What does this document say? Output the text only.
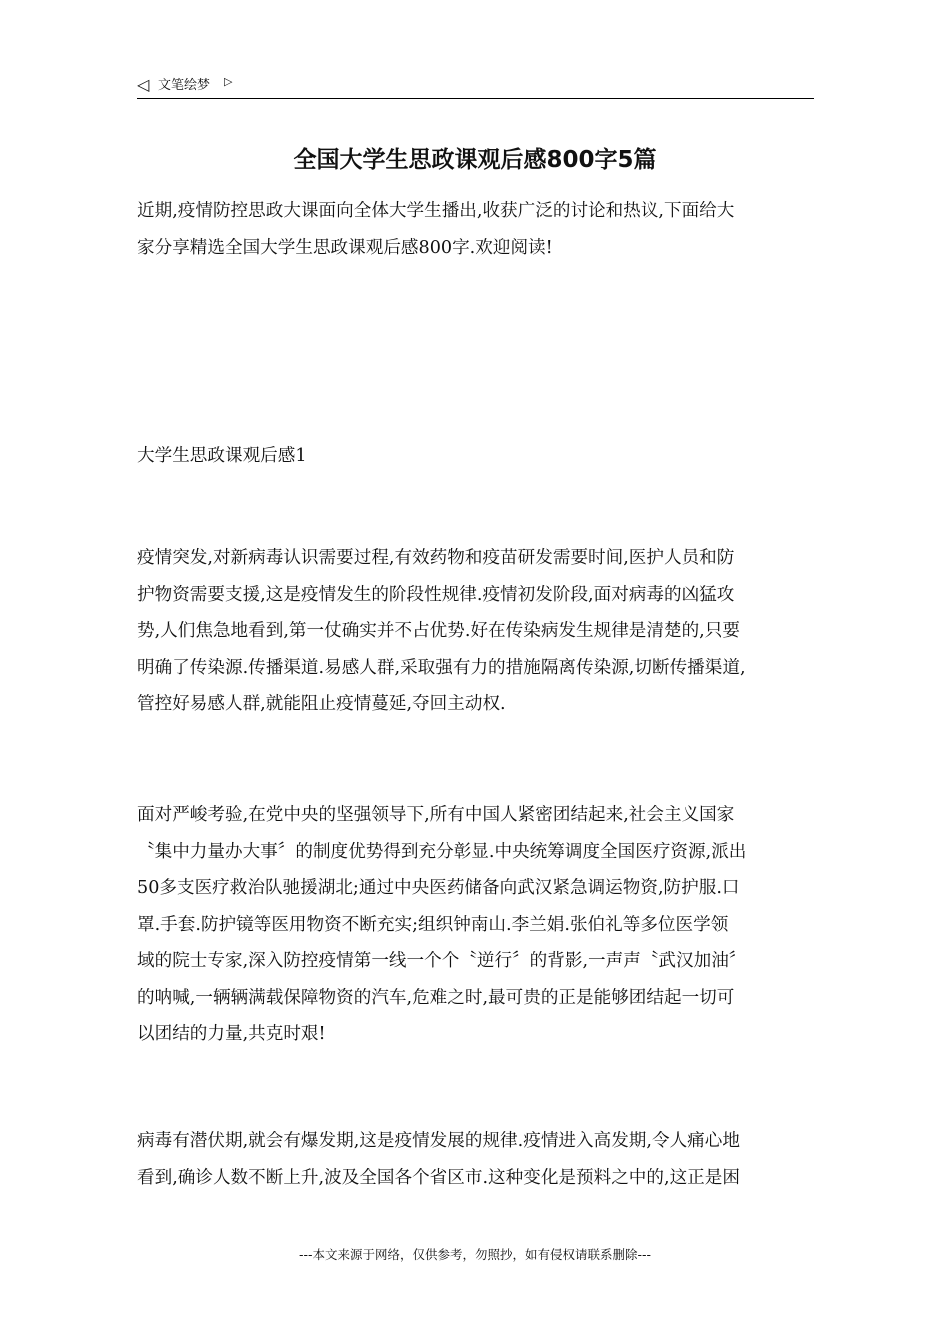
◁ 文笔绘梦 ▷
全国大学生思政课观后感800字5篇
近期,疫情防控思政大课面向全体大学生播出,收获广泛的讨论和热议,下面给大
家分享精选全国大学生思政课观后感800字.欢迎阅读!
大学生思政课观后感1
疫情突发,对新病毒认识需要过程,有效药物和疫苗研发需要时间,医护人员和防
护物资需要支援,这是疫情发生的阶段性规律.疫情初发阶段,面对病毒的凶猛攻
势,人们焦急地看到,第一仗确实并不占优势.好在传染病发生规律是清楚的,只要
明确了传染源.传播渠道.易感人群,采取强有力的措施隔离传染源,切断传播渠道,
管控好易感人群,就能阻止疫情蔓延,夺回主动权.
面对严峻考验,在党中央的坚强领导下,所有中国人紧密团结起来,社会主义国家
〝集中力量办大事〞的制度优势得到充分彰显.中央统筹调度全国医疗资源,派出
50多支医疗救治队驰援湖北;通过中央医药储备向武汉紧急调运物资,防护服.口
罩.手套.防护镜等医用物资不断充实;组织钟南山.李兰娟.张伯礼等多位医学领
域的院士专家,深入防控疫情第一线一个个〝逆行〞的背影,一声声〝武汉加油〞
的呐喊,一辆辆满载保障物资的汽车,危难之时,最可贵的正是能够团结起一切可
以团结的力量,共克时艰!
病毒有潜伏期,就会有爆发期,这是疫情发展的规律.疫情进入高发期,令人痛心地
看到,确诊人数不断上升,波及全国各个省区市.这种变化是预料之中的,这正是困
---本文来源于网络，仅供参考，勿照抄，如有侵权请联系删除---
